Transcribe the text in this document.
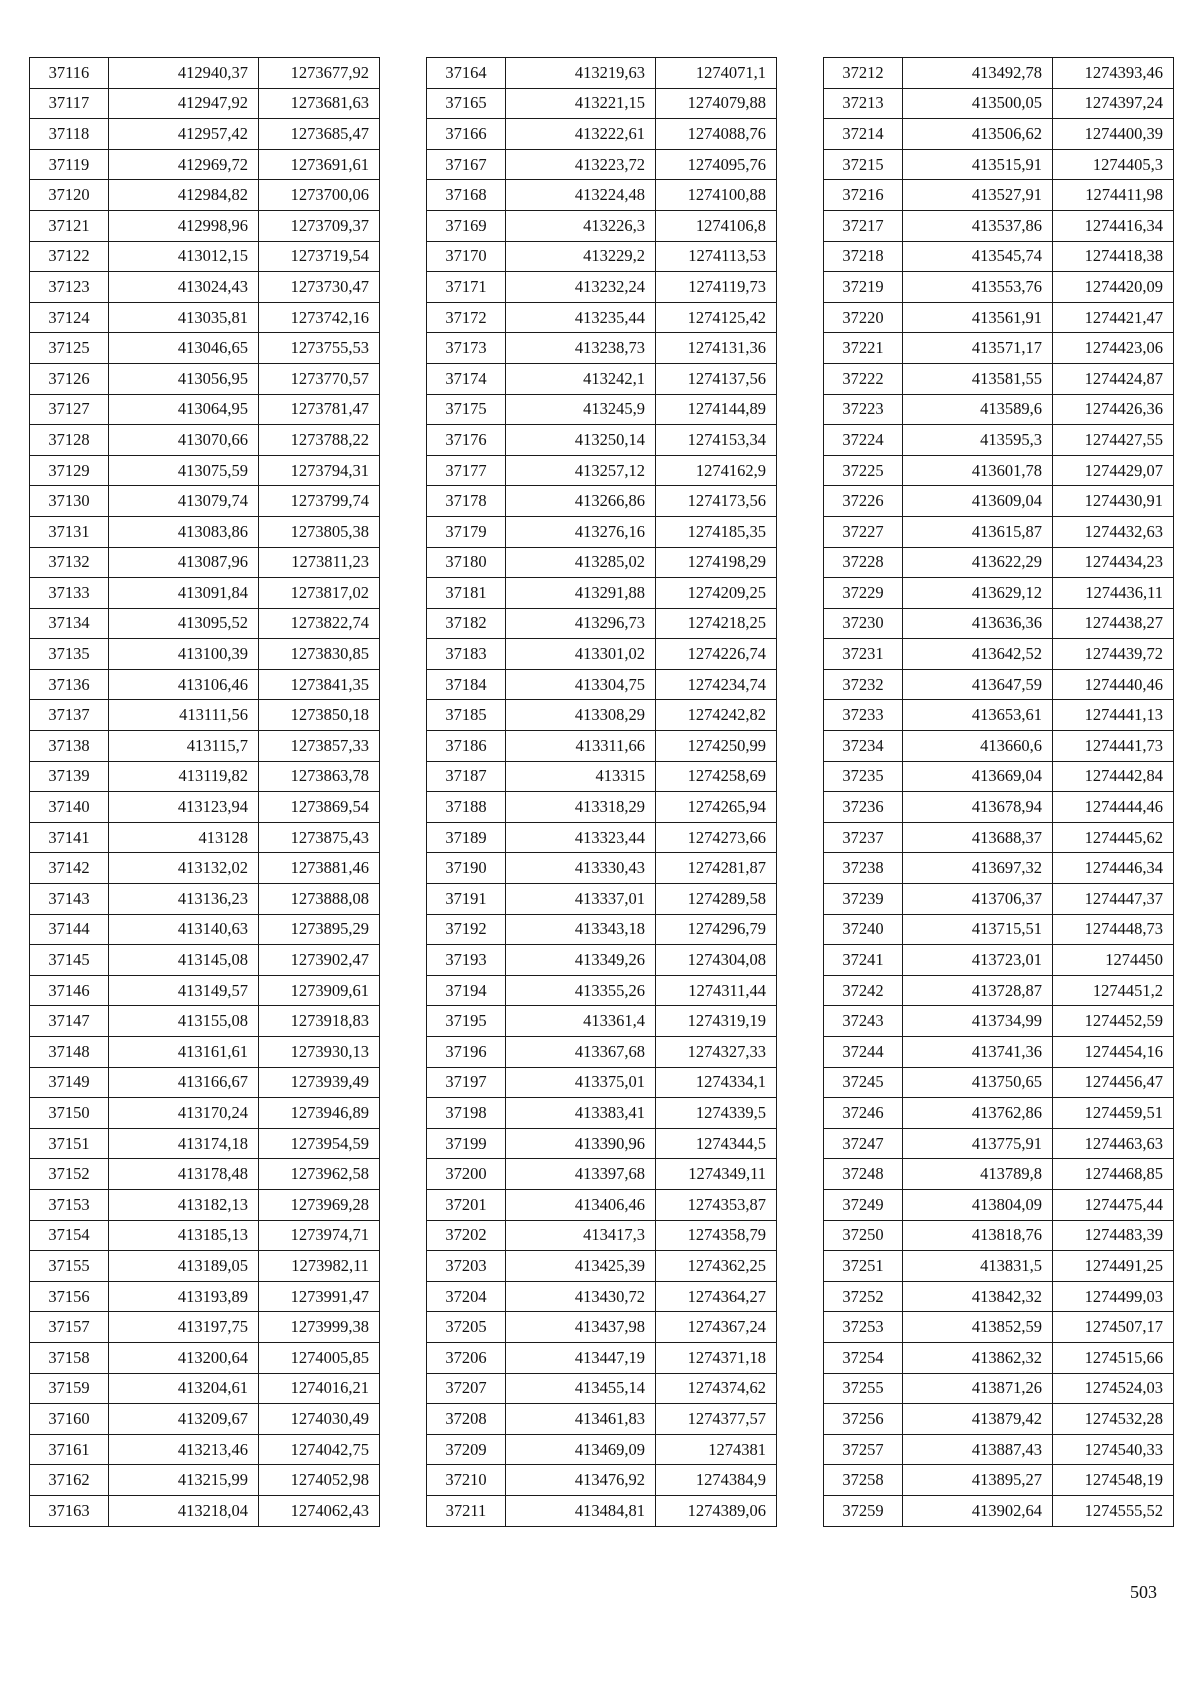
37116	412940,37	1273677,92
37117	412947,92	1273681,63
37118	412957,42	1273685,47
37119	412969,72	1273691,61
37120	412984,82	1273700,06
37121	412998,96	1273709,37
37122	413012,15	1273719,54
37123	413024,43	1273730,47
37124	413035,81	1273742,16
37125	413046,65	1273755,53
37126	413056,95	1273770,57
37127	413064,95	1273781,47
37128	413070,66	1273788,22
37129	413075,59	1273794,31
37130	413079,74	1273799,74
37131	413083,86	1273805,38
37132	413087,96	1273811,23
37133	413091,84	1273817,02
37134	413095,52	1273822,74
37135	413100,39	1273830,85
37136	413106,46	1273841,35
37137	413111,56	1273850,18
37138	413115,7	1273857,33
37139	413119,82	1273863,78
37140	413123,94	1273869,54
37141	413128	1273875,43
37142	413132,02	1273881,46
37143	413136,23	1273888,08
37144	413140,63	1273895,29
37145	413145,08	1273902,47
37146	413149,57	1273909,61
37147	413155,08	1273918,83
37148	413161,61	1273930,13
37149	413166,67	1273939,49
37150	413170,24	1273946,89
37151	413174,18	1273954,59
37152	413178,48	1273962,58
37153	413182,13	1273969,28
37154	413185,13	1273974,71
37155	413189,05	1273982,11
37156	413193,89	1273991,47
37157	413197,75	1273999,38
37158	413200,64	1274005,85
37159	413204,61	1274016,21
37160	413209,67	1274030,49
37161	413213,46	1274042,75
37162	413215,99	1274052,98
37163	413218,04	1274062,43
37164	413219,63	1274071,1
37165	413221,15	1274079,88
37166	413222,61	1274088,76
37167	413223,72	1274095,76
37168	413224,48	1274100,88
37169	413226,3	1274106,8
37170	413229,2	1274113,53
37171	413232,24	1274119,73
37172	413235,44	1274125,42
37173	413238,73	1274131,36
37174	413242,1	1274137,56
37175	413245,9	1274144,89
37176	413250,14	1274153,34
37177	413257,12	1274162,9
37178	413266,86	1274173,56
37179	413276,16	1274185,35
37180	413285,02	1274198,29
37181	413291,88	1274209,25
37182	413296,73	1274218,25
37183	413301,02	1274226,74
37184	413304,75	1274234,74
37185	413308,29	1274242,82
37186	413311,66	1274250,99
37187	413315	1274258,69
37188	413318,29	1274265,94
37189	413323,44	1274273,66
37190	413330,43	1274281,87
37191	413337,01	1274289,58
37192	413343,18	1274296,79
37193	413349,26	1274304,08
37194	413355,26	1274311,44
37195	413361,4	1274319,19
37196	413367,68	1274327,33
37197	413375,01	1274334,1
37198	413383,41	1274339,5
37199	413390,96	1274344,5
37200	413397,68	1274349,11
37201	413406,46	1274353,87
37202	413417,3	1274358,79
37203	413425,39	1274362,25
37204	413430,72	1274364,27
37205	413437,98	1274367,24
37206	413447,19	1274371,18
37207	413455,14	1274374,62
37208	413461,83	1274377,57
37209	413469,09	1274381
37210	413476,92	1274384,9
37211	413484,81	1274389,06
37212	413492,78	1274393,46
37213	413500,05	1274397,24
37214	413506,62	1274400,39
37215	413515,91	1274405,3
37216	413527,91	1274411,98
37217	413537,86	1274416,34
37218	413545,74	1274418,38
37219	413553,76	1274420,09
37220	413561,91	1274421,47
37221	413571,17	1274423,06
37222	413581,55	1274424,87
37223	413589,6	1274426,36
37224	413595,3	1274427,55
37225	413601,78	1274429,07
37226	413609,04	1274430,91
37227	413615,87	1274432,63
37228	413622,29	1274434,23
37229	413629,12	1274436,11
37230	413636,36	1274438,27
37231	413642,52	1274439,72
37232	413647,59	1274440,46
37233	413653,61	1274441,13
37234	413660,6	1274441,73
37235	413669,04	1274442,84
37236	413678,94	1274444,46
37237	413688,37	1274445,62
37238	413697,32	1274446,34
37239	413706,37	1274447,37
37240	413715,51	1274448,73
37241	413723,01	1274450
37242	413728,87	1274451,2
37243	413734,99	1274452,59
37244	413741,36	1274454,16
37245	413750,65	1274456,47
37246	413762,86	1274459,51
37247	413775,91	1274463,63
37248	413789,8	1274468,85
37249	413804,09	1274475,44
37250	413818,76	1274483,39
37251	413831,5	1274491,25
37252	413842,32	1274499,03
37253	413852,59	1274507,17
37254	413862,32	1274515,66
37255	413871,26	1274524,03
37256	413879,42	1274532,28
37257	413887,43	1274540,33
37258	413895,27	1274548,19
37259	413902,64	1274555,52
503
